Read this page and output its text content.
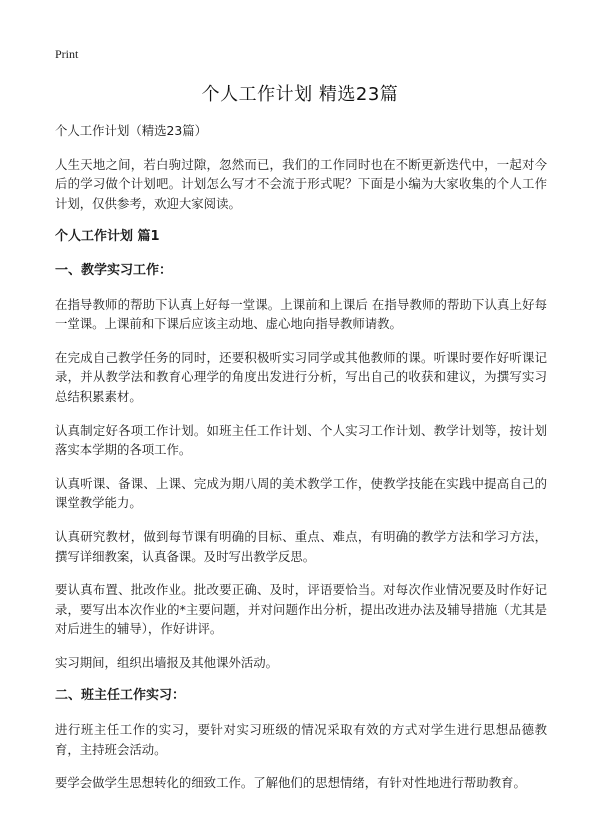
Print
个人工作计划 精选23篇

个人工作计划（精选23篇）

人生天地之间，若白驹过隙，忽然而已，我们的工作同时也在不断更新迭代中，一起对今后的学习做个计划吧。计划怎么写才不会流于形式呢？下面是小编为大家收集的个人工作计划，仅供参考，欢迎大家阅读。

个人工作计划 篇1

一、教学实习工作：

在指导教师的帮助下认真上好每一堂课。上课前和上课后 在指导教师的帮助下认真上好每一堂课。上课前和下课后应该主动地、虚心地向指导教师请教。

在完成自己教学任务的同时，还要积极听实习同学或其他教师的课。听课时要作好听课记录，并从教学法和教育心理学的角度出发进行分析，写出自己的收获和建议，为撰写实习总结积累素材。

认真制定好各项工作计划。如班主任工作计划、个人实习工作计划、教学计划等，按计划落实本学期的各项工作。

认真听课、备课、上课、完成为期八周的美术教学工作，使教学技能在实践中提高自己的课堂教学能力。

认真研究教材，做到每节课有明确的目标、重点、难点，有明确的教学方法和学习方法，撰写详细教案，认真备课。及时写出教学反思。

要认真布置、批改作业。批改要正确、及时，评语要恰当。对每次作业情况要及时作好记录，要写出本次作业的*主要问题，并对问题作出分析，提出改进办法及辅导措施（尤其是对后进生的辅导），作好讲评。

实习期间，组织出墙报及其他课外活动。

二、班主任工作实习：

进行班主任工作的实习，要针对实习班级的情况采取有效的方式对学生进行思想品德教育，主持班会活动。

要学会做学生思想转化的细致工作。了解他们的思想情绪，有针对性地进行帮助教育。
